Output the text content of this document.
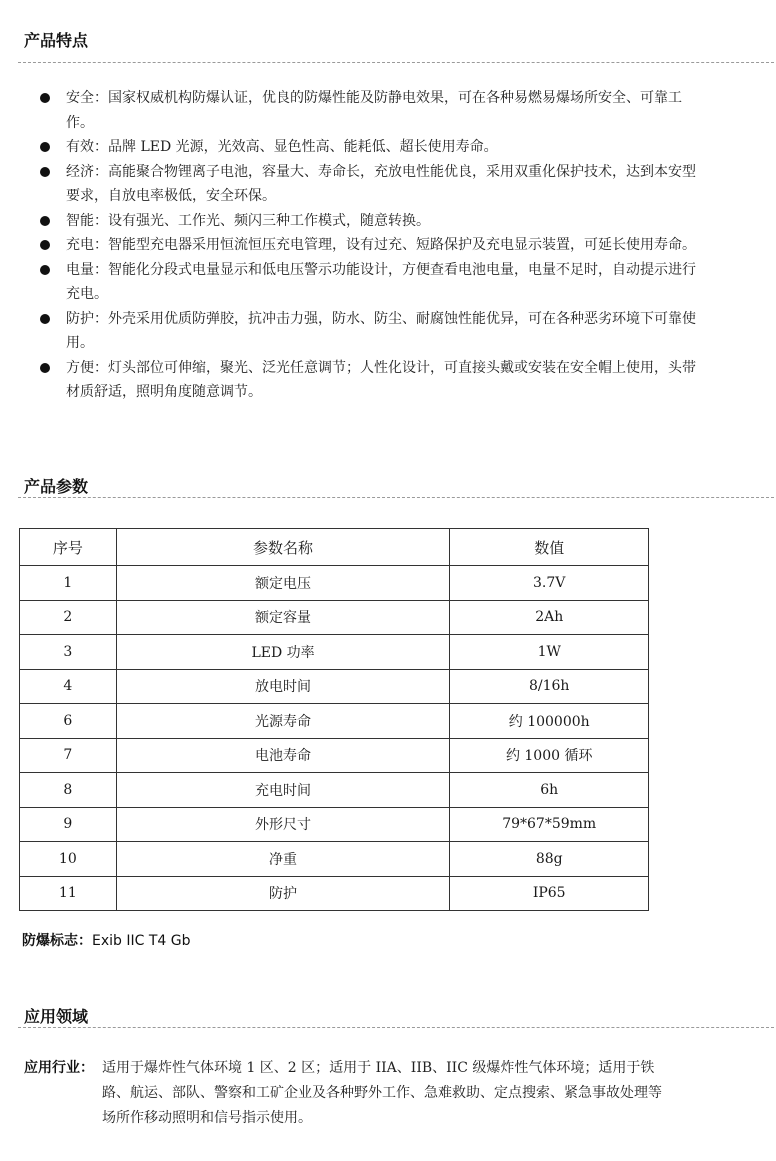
产品特点
安全：国家权威机构防爆认证，优良的防爆性能及防静电效果，可在各种易燃易爆场所安全、可靠工作。
有效：品牌 LED 光源，光效高、显色性高、能耗低、超长使用寿命。
经济：高能聚合物锂离子电池，容量大、寿命长，充放电性能优良，采用双重化保护技术，达到本安型要求，自放电率极低，安全环保。
智能：设有强光、工作光、频闪三种工作模式，随意转换。
充电：智能型充电器采用恒流恒压充电管理，设有过充、短路保护及充电显示装置，可延长使用寿命。
电量：智能化分段式电量显示和低电压警示功能设计，方便查看电池电量，电量不足时，自动提示进行充电。
防护：外壳采用优质防弹胶，抗冲击力强，防水、防尘、耐腐蚀性能优异，可在各种恶劣环境下可靠使用。
方便：灯头部位可伸缩，聚光、泛光任意调节；人性化设计，可直接头戴或安装在安全帽上使用，头带材质舒适，照明角度随意调节。
产品参数
序号	参数名称	数值
1	额定电压	3.7V
2	额定容量	2Ah
3	LED 功率	1W
4	放电时间	8/16h
6	光源寿命	约 100000h
7	电池寿命	约 1000 循环
8	充电时间	6h
9	外形尺寸	79*67*59mm
10	净重	88g
11	防护	IP65
防爆标志：Exib IIC T4 Gb
应用领域
应用行业： 适用于爆炸性气体环境 1 区、2 区；适用于 IIA、IIB、IIC 级爆炸性气体环境；适用于铁路、航运、部队、警察和工矿企业及各种野外工作、急难救助、定点搜索、紧急事故处理等场所作移动照明和信号指示使用。
